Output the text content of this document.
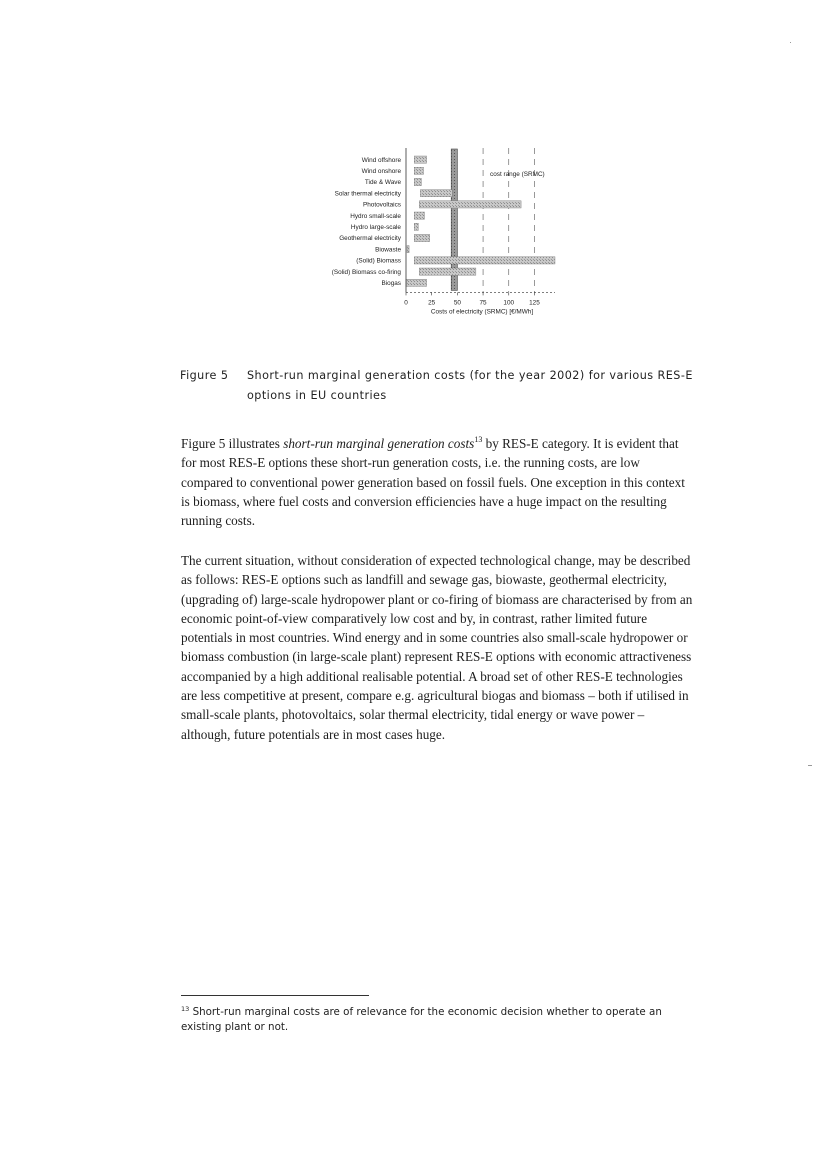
Wind offshore
Wind onshore
Tide & Wave
Solar thermal electricity
Photovoltaics
Hydro small-scale
Hydro large-scale
Geothermal electricity
Biowaste
(Solid) Biomass
(Solid) Biomass co-firing
Biogas
0	25	50	75	100 125
cost range (SRMC)
Costs of electricity (SRMC) [€/MWh]
Figure 5 Short-run marginal generation costs (for the year 2002) for various RES-E options in EU countries
Figure 5 illustrates short-run marginal generation costs$^{13}$ by RES-E category. It is evident that for most RES-E options these short-run generation costs, i.e. the running costs, are low compared to conventional power generation based on fossil fuels. One exception in this context is biomass, where fuel costs and conversion efficiencies have a huge impact on the resulting running costs.
The current situation, without consideration of expected technological change, may be described as follows: RES-E options such as landfill and sewage gas, biowaste, geothermal electricity, (upgrading of) large-scale hydropower plant or co-firing of biomass are characterised by from an economic point-of-view comparatively low cost and by, in contrast, rather limited future potentials in most countries. Wind energy and in some countries also small-scale hydropower or biomass combustion (in large-scale plant) represent RES-E options with economic attractiveness accompanied by a high additional realisable potential. A broad set of other RES-E technologies are less competitive at present, compare e.g. agricultural biogas and biomass – both if utilised in small-scale plants, photovoltaics, solar thermal electricity, tidal energy or wave power – although, future potentials are in most cases huge.
$^{13}$ Short-run marginal costs are of relevance for the economic decision whether to operate an existing plant or not.
